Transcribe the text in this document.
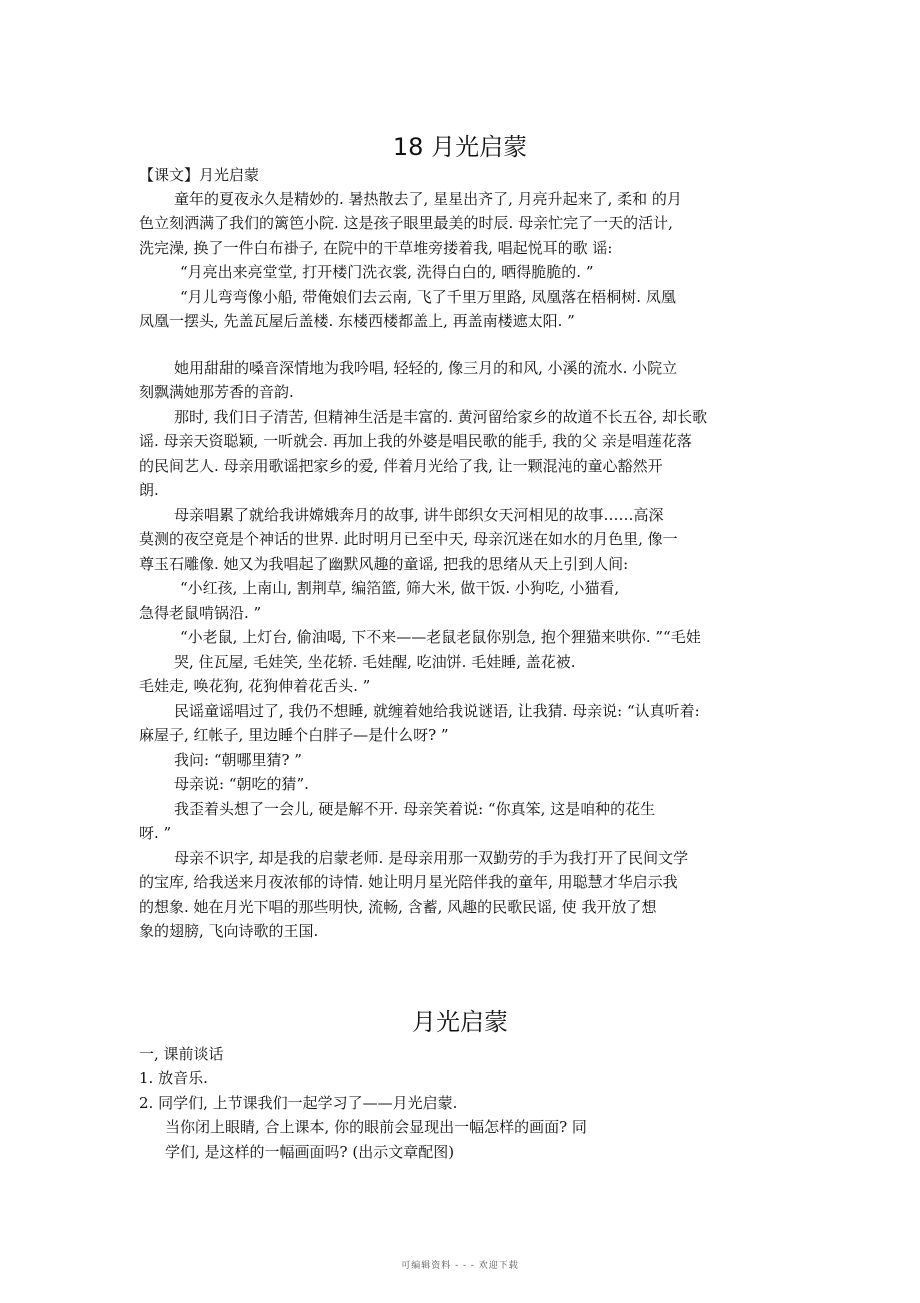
18 月光启蒙
【课文】月光启蒙
童年的夏夜永久是精妙的. 暑热散去了, 星星出齐了, 月亮升起来了, 柔和 的月
色立刻洒满了我们的篱笆小院. 这是孩子眼里最美的时辰. 母亲忙完了一天的活计,
洗完澡, 换了一件白布褂子, 在院中的干草堆旁搂着我, 唱起悦耳的歌 谣:
“月亮出来亮堂堂, 打开楼门洗衣裳, 洗得白白的, 晒得脆脆的. ”
“月儿弯弯像小船, 带俺娘们去云南, 飞了千里万里路, 凤凰落在梧桐树. 凤凰
凤凰一摆头, 先盖瓦屋后盖楼. 东楼西楼都盖上, 再盖南楼遮太阳. ”
她用甜甜的嗓音深情地为我吟唱, 轻轻的, 像三月的和风, 小溪的流水. 小院立
刻飘满她那芳香的音韵.
那时, 我们日子清苦, 但精神生活是丰富的. 黄河留给家乡的故道不长五谷, 却长歌
谣. 母亲天资聪颖, 一听就会. 再加上我的外婆是唱民歌的能手, 我的父 亲是唱莲花落
的民间艺人. 母亲用歌谣把家乡的爱, 伴着月光给了我, 让一颗混沌的童心豁然开
朗.
母亲唱累了就给我讲嫦娥奔月的故事, 讲牛郎织女天河相见的故事……高深
莫测的夜空竟是个神话的世界. 此时明月已至中天, 母亲沉迷在如水的月色里, 像一
尊玉石雕像. 她又为我唱起了幽默风趣的童谣, 把我的思绪从天上引到人间:
“小红孩, 上南山, 割荆草, 编箔篮, 筛大米, 做干饭. 小狗吃, 小猫看,
急得老鼠啃锅沿. ”
“小老鼠, 上灯台, 偷油喝, 下不来——老鼠老鼠你别急, 抱个狸猫来哄你. ”“毛娃
哭, 住瓦屋, 毛娃笑, 坐花轿. 毛娃醒, 吃油饼. 毛娃睡, 盖花被.
毛娃走, 唤花狗, 花狗伸着花舌头. ”
民谣童谣唱过了, 我仍不想睡, 就缠着她给我说谜语, 让我猜. 母亲说: “认真听着:
麻屋子, 红帐子, 里边睡个白胖子—是什么呀? ”
我问: “朝哪里猜? ”
母亲说: “朝吃的猜”.
我歪着头想了一会儿, 硬是解不开. 母亲笑着说: “你真笨, 这是咱种的花生
呀. ”
母亲不识字, 却是我的启蒙老师. 是母亲用那一双勤劳的手为我打开了民间文学
的宝库, 给我送来月夜浓郁的诗情. 她让明月星光陪伴我的童年, 用聪慧才华启示我
的想象. 她在月光下唱的那些明快, 流畅, 含蓄, 风趣的民歌民谣, 使 我开放了想
象的翅膀, 飞向诗歌的王国.
月光启蒙
一, 课前谈话
1. 放音乐.
2. 同学们, 上节课我们一起学习了——月光启蒙.
当你闭上眼睛, 合上课本, 你的眼前会显现出一幅怎样的画面? 同
学们, 是这样的一幅画面吗? (出示文章配图)
可编辑资料 - - - 欢迎下载
